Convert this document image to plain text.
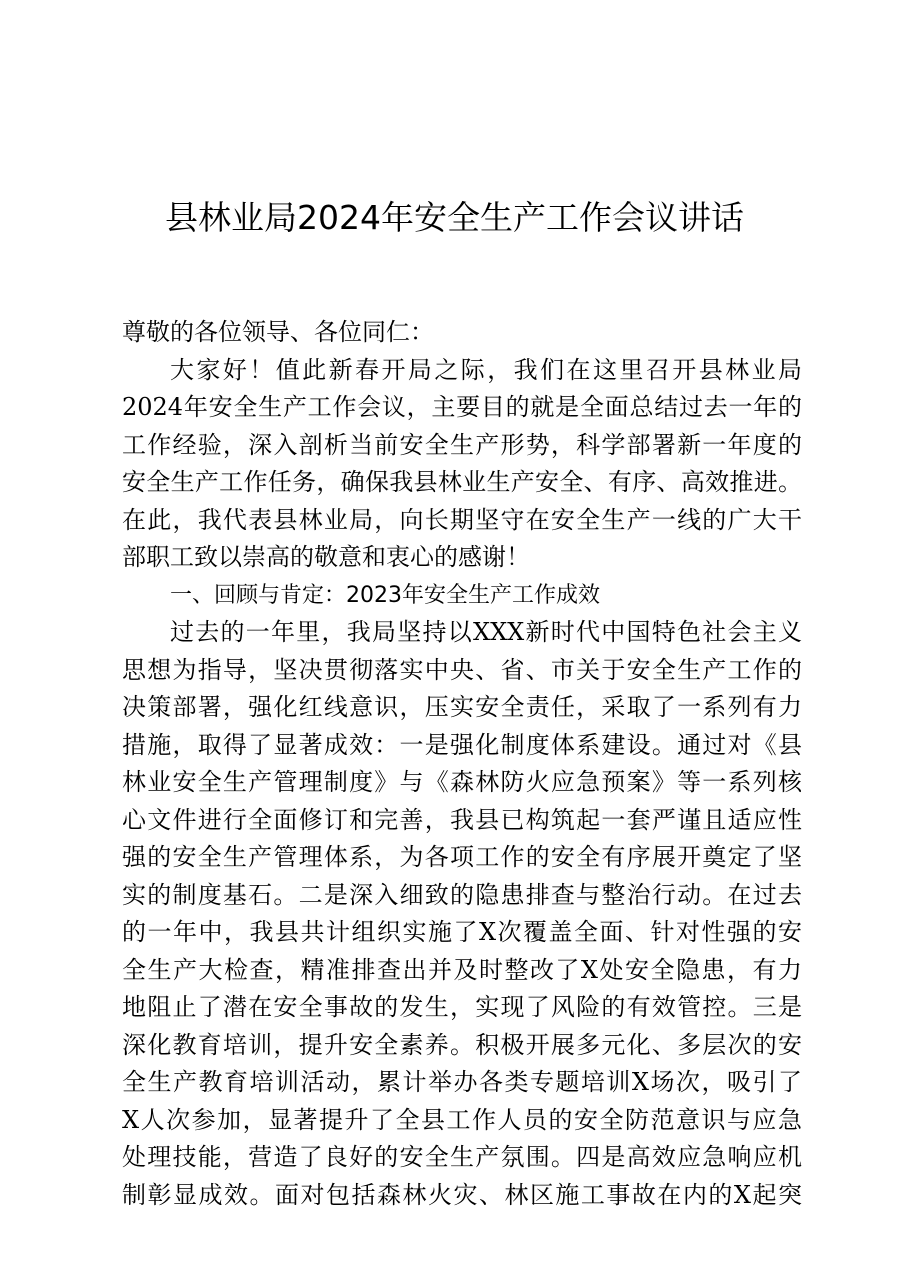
县林业局2024年安全生产工作会议讲话
尊敬的各位领导、各位同仁：
大家好！值此新春开局之际，我们在这里召开县林业局
2024年安全生产工作会议，主要目的就是全面总结过去一年的
工作经验，深入剖析当前安全生产形势，科学部署新一年度的
安全生产工作任务，确保我县林业生产安全、有序、高效推进。
在此，我代表县林业局，向长期坚守在安全生产一线的广大干
部职工致以崇高的敬意和衷心的感谢！
一、回顾与肯定：2023年安全生产工作成效
过去的一年里，我局坚持以XXX新时代中国特色社会主义
思想为指导，坚决贯彻落实中央、省、市关于安全生产工作的
决策部署，强化红线意识，压实安全责任，采取了一系列有力
措施，取得了显著成效：一是强化制度体系建设。通过对《县
林业安全生产管理制度》与《森林防火应急预案》等一系列核
心文件进行全面修订和完善，我县已构筑起一套严谨且适应性
强的安全生产管理体系，为各项工作的安全有序展开奠定了坚
实的制度基石。二是深入细致的隐患排查与整治行动。在过去
的一年中，我县共计组织实施了X次覆盖全面、针对性强的安
全生产大检查，精准排查出并及时整改了X处安全隐患，有力
地阻止了潜在安全事故的发生，实现了风险的有效管控。三是
深化教育培训，提升安全素养。积极开展多元化、多层次的安
全生产教育培训活动，累计举办各类专题培训X场次，吸引了
X人次参加，显著提升了全县工作人员的安全防范意识与应急
处理技能，营造了良好的安全生产氛围。四是高效应急响应机
制彰显成效。面对包括森林火灾、林区施工事故在内的X起突
